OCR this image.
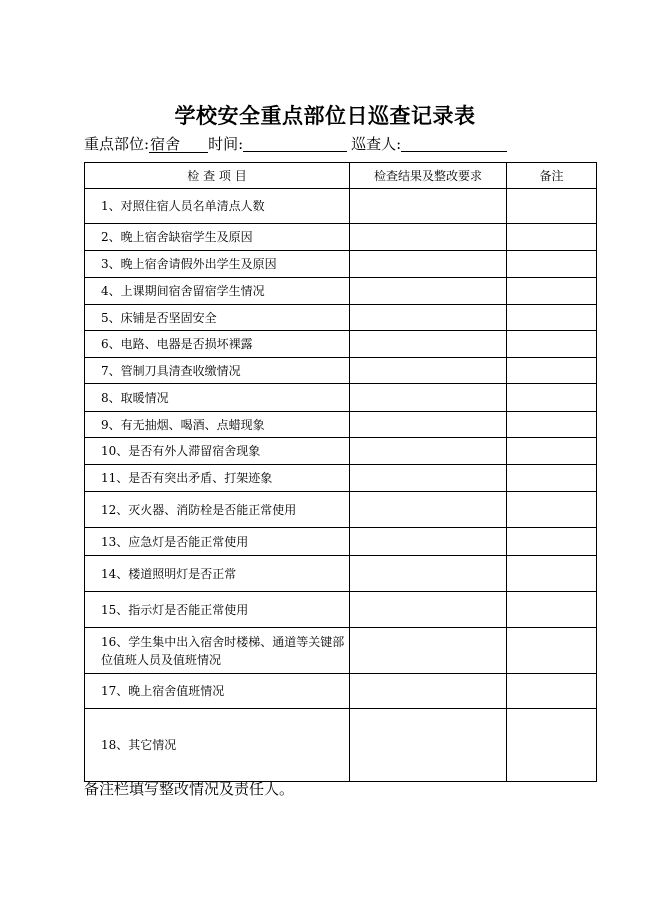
学校安全重点部位日巡查记录表
重点部位:宿舍 时间:	巡查人:
检 查 项 目	检查结果及整改要求	备注
1、对照住宿人员名单清点人数		
2、晚上宿舍缺宿学生及原因		
3、晚上宿舍请假外出学生及原因		
4、上课期间宿舍留宿学生情况		
5、床铺是否坚固安全		
6、电路、电器是否损坏裸露		
7、管制刀具清查收缴情况		
8、取暖情况		
9、有无抽烟、喝酒、点蜡现象		
10、是否有外人滞留宿舍现象		
11、是否有突出矛盾、打架迹象		
12、灭火器、消防栓是否能正常使用		
13、应急灯是否能正常使用		
14、楼道照明灯是否正常		
15、指示灯是否能正常使用		
16、学生集中出入宿舍时楼梯、通道等关键部位值班人员及值班情况		
17、晚上宿舍值班情况		
18、其它情况		
备注栏填写整改情况及责任人。
